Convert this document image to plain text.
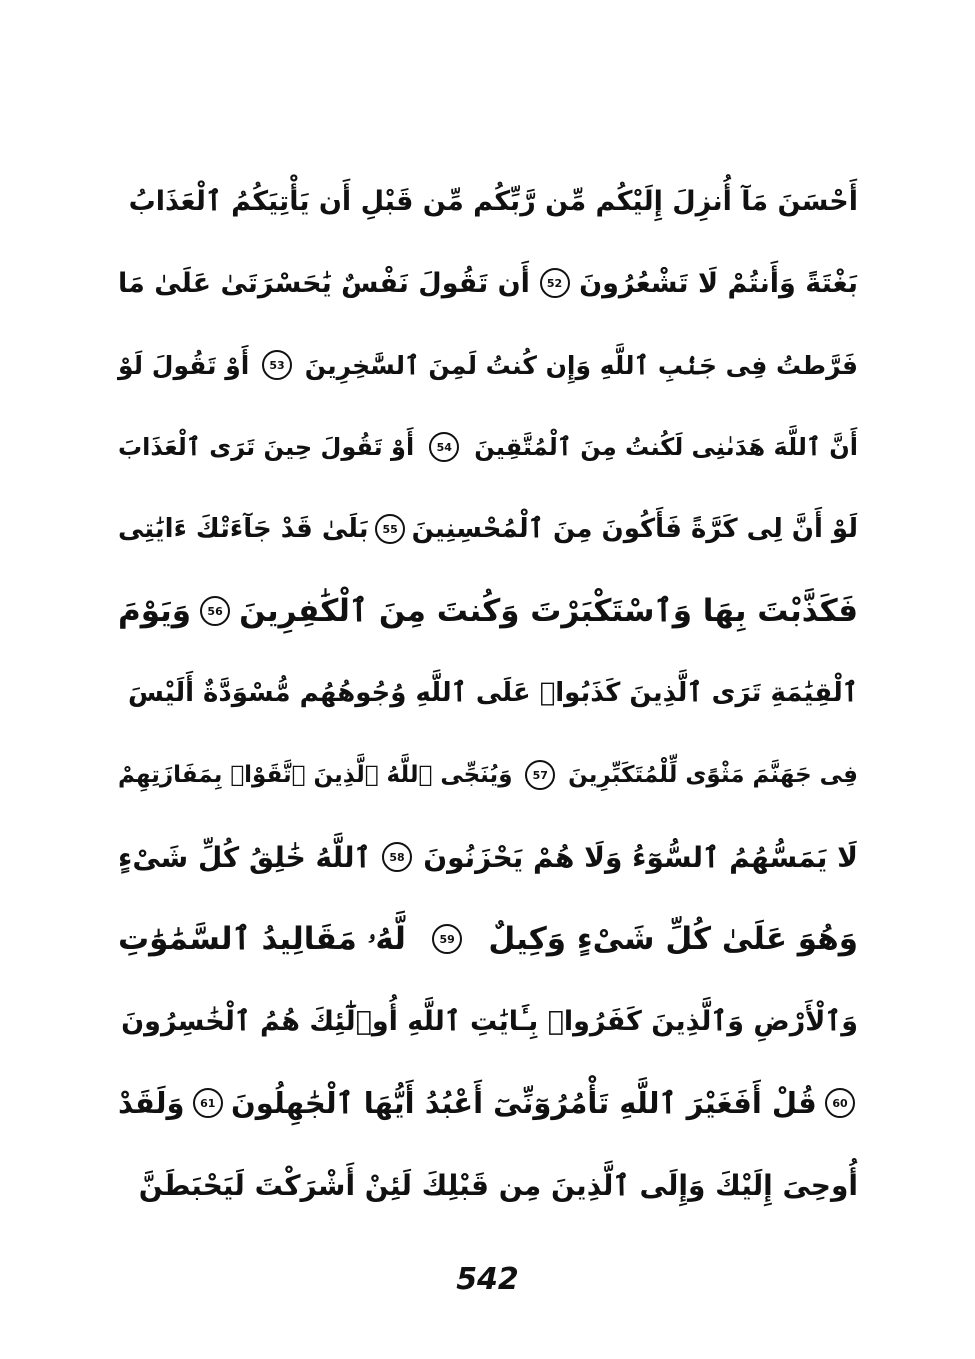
أَحْسَنَ مَآ أُنزِلَ إِلَيْكُم مِّن رَّبِّكُم مِّن قَبْلِ أَن يَأْتِيَكُمُ ٱلْعَذَابُ
بَغْتَةً وَأَنتُمْ لَا تَشْعُرُونَ
52
أَن تَقُولَ نَفْسٌ يَٰحَسْرَتَىٰ عَلَىٰ مَا
فَرَّطتُ فِى جَنۢبِ ٱللَّهِ وَإِن كُنتُ لَمِنَ ٱلسَّٰخِرِينَ
53
أَوْ تَقُولَ لَوْ
أَنَّ ٱللَّهَ هَدَىٰنِى لَكُنتُ مِنَ ٱلْمُتَّقِينَ
54
أَوْ تَقُولَ حِينَ تَرَى ٱلْعَذَابَ
لَوْ أَنَّ لِى كَرَّةً فَأَكُونَ مِنَ ٱلْمُحْسِنِينَ
55
بَلَىٰ قَدْ جَآءَتْكَ ءَايَٰتِى
فَكَذَّبْتَ بِهَا وَٱسْتَكْبَرْتَ وَكُنتَ مِنَ ٱلْكَٰفِرِينَ
56
وَيَوْمَ
ٱلْقِيَٰمَةِ تَرَى ٱلَّذِينَ كَذَبُوا۟ عَلَى ٱللَّهِ وُجُوهُهُم مُّسْوَدَّةٌ أَلَيْسَ
فِى جَهَنَّمَ مَثْوًى لِّلْمُتَكَبِّرِينَ
57
وَيُنَجِّى ٱللَّهُ ٱلَّذِينَ ٱتَّقَوْا۟ بِمَفَازَتِهِمْ
لَا يَمَسُّهُمُ ٱلسُّوٓءُ وَلَا هُمْ يَحْزَنُونَ
58
ٱللَّهُ خَٰلِقُ كُلِّ شَىْءٍ
وَهُوَ عَلَىٰ كُلِّ شَىْءٍ وَكِيلٌ
59
لَّهُۥ مَقَالِيدُ ٱلسَّمَٰوَٰتِ
وَٱلْأَرْضِ وَٱلَّذِينَ كَفَرُوا۟ بِـَٔايَٰتِ ٱللَّهِ أُو۟لَٰٓئِكَ هُمُ ٱلْخَٰسِرُونَ
60
قُلْ أَفَغَيْرَ ٱللَّهِ تَأْمُرُوٓنِّىٓ أَعْبُدُ أَيُّهَا ٱلْجَٰهِلُونَ
61
وَلَقَدْ
أُوحِىَ إِلَيْكَ وَإِلَى ٱلَّذِينَ مِن قَبْلِكَ لَئِنْ أَشْرَكْتَ لَيَحْبَطَنَّ
542
